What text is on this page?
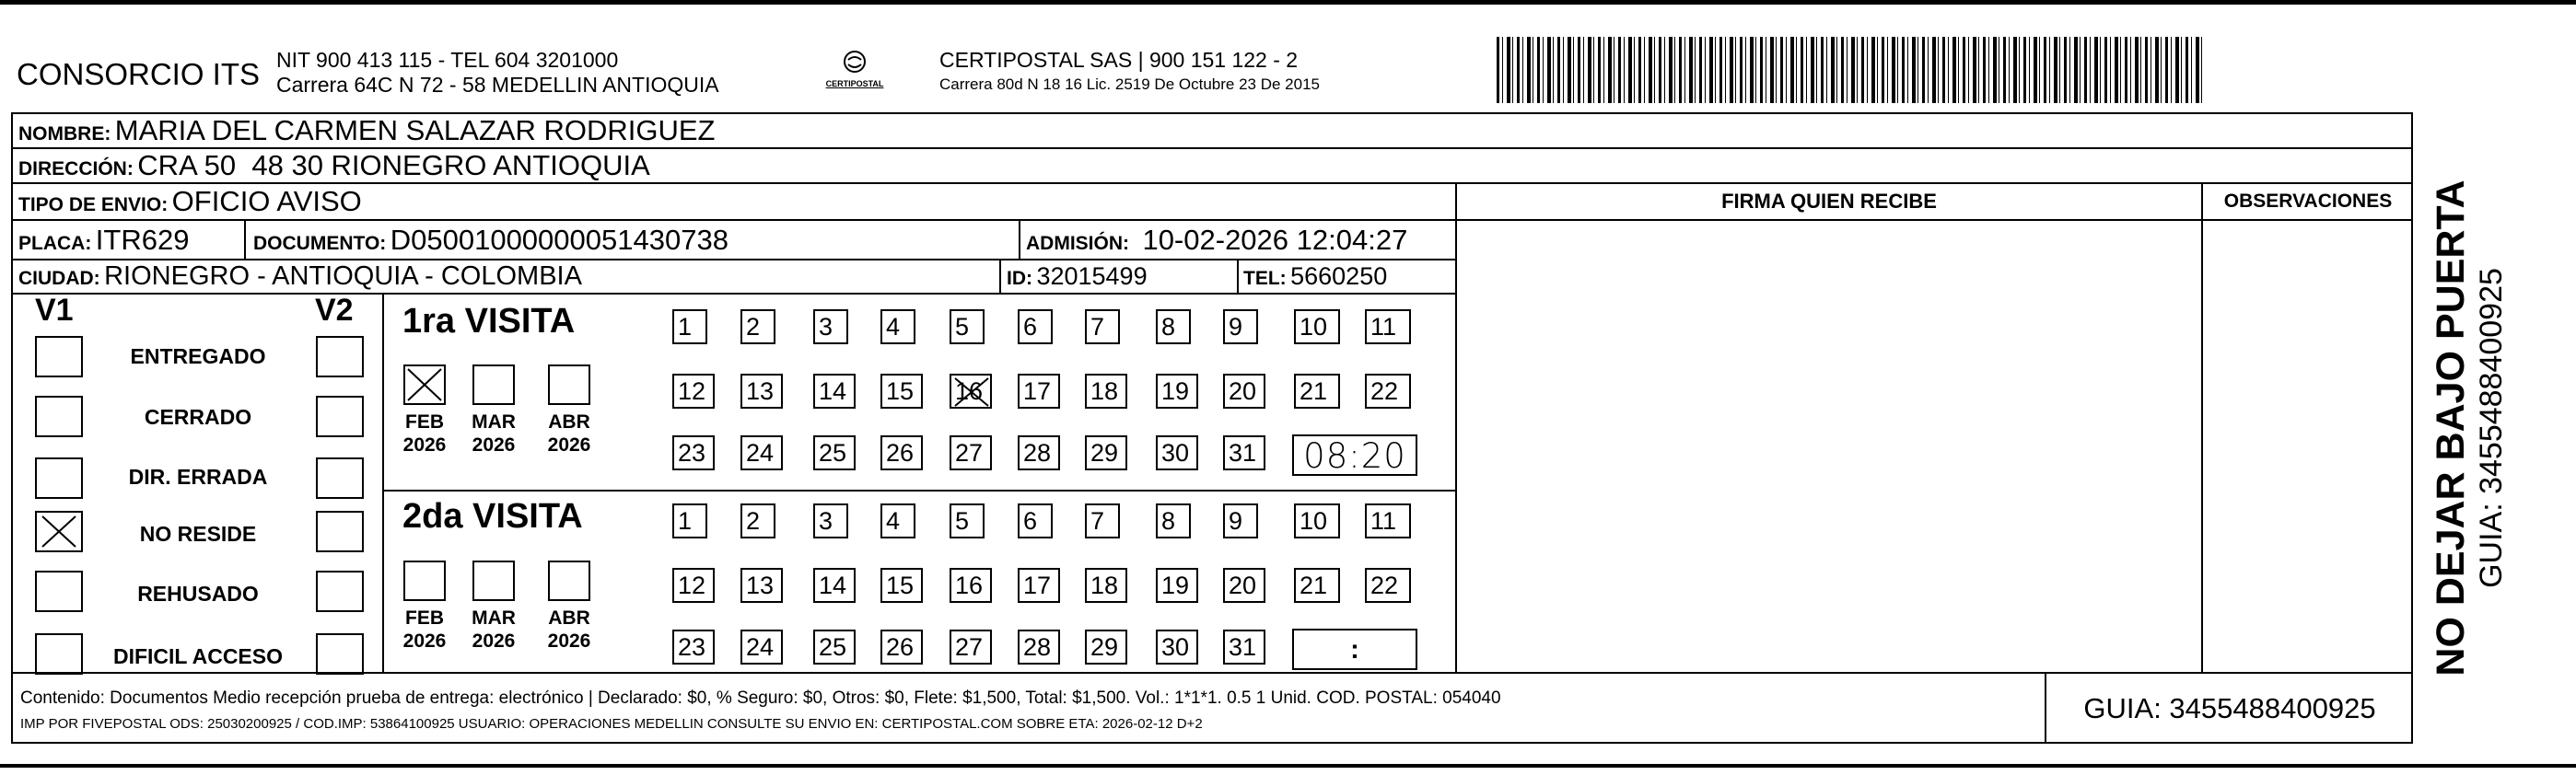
CONSORCIO ITS NIT 900 413 115 - TEL 604 3201000
Carrera 64C N 72 - 58 MEDELLIN ANTIOQUIA	CERTIPOSTAL
CERTIPOSTAL SAS | 900 151 122 - 2
Carrera 80d N 18 16 Lic. 2519 De Octubre 23 De 2015
NOMBRE: MARIA DEL CARMEN SALAZAR RODRIGUEZ
DIRECCIÓN: CRA 50  48 30 RIONEGRO ANTIOQUIA
TIPO DE ENVIO: OFICIO AVISO	FIRMA QUIEN RECIBE	OBSERVACIONES
PLACA: ITR629	DOCUMENTO: D05001000000051430738	ADMISIÓN: 10-02-2026 12:04:27
CIUDAD: RIONEGRO - ANTIOQUIA - COLOMBIA	ID: 32015499	TEL: 5660250
V1	V2
ENTREGADO
CERRADO
DIR. ERRADA
NO RESIDE
REHUSADO
DIFICIL ACCESO
1ra VISITA
2da VISITA
FEB
2026
MAR
2026
ABR
2026
FEB
2026
MAR
2026
ABR
2026
1	2	3	4	5	6	7	8	9	10	11
12	13	14	15	16	17	18	19	20	21	22
23	24	25	26	27	28	29	30	31
1	2	3	4	5	6	7	8	9	10	11
12	13	14	15	16	17	18	19	20	21	22
23	24	25	26	27	28	29	30	31
08:20
:
Contenido: Documentos Medio recepción prueba de entrega: electrónico | Declarado: $0, % Seguro: $0, Otros: $0, Flete: $1,500, Total: $1,500. Vol.: 1*1*1. 0.5 1 Unid. COD. POSTAL: 054040
IMP POR FIVEPOSTAL ODS: 25030200925 / COD.IMP: 53864100925 USUARIO: OPERACIONES MEDELLIN CONSULTE SU ENVIO EN: CERTIPOSTAL.COM SOBRE ETA: 2026-02-12 D+2	GUIA: 3455488400925
NO DEJAR BAJO PUERTA GUIA: 3455488400925
